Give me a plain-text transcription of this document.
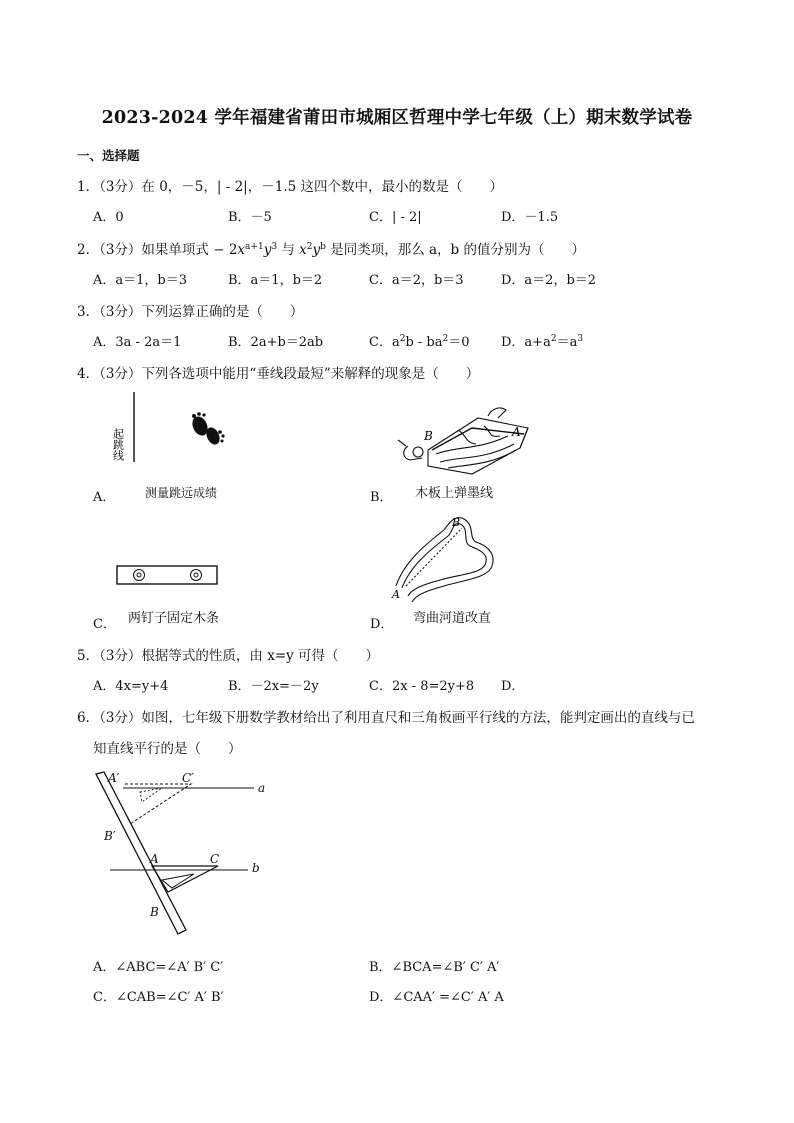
2023-2024 学年福建省莆田市城厢区哲理中学七年级（上）期末数学试卷
一、选择题
1．（3分）在 0，－5，| - 2|，－1.5 这四个数中，最小的数是（　　）
A．0	B．－5	C．| - 2|	D．－1.5
2．（3分）如果单项式 − $2x^{a+1}y^3$ 与 $x^2y^b$ 是同类项，那么 a，b 的值分别为（　　）
A．a＝1，b＝3	B．a＝1，b＝2	C．a＝2，b＝3	D．a＝2，b＝2
3．（3分）下列运算正确的是（　　）
A．3a - 2a＝1	B．2a+b＝2ab	C．$a^2b - ba^2=0$ D．$a+a^2=a^3$
4．（3分）下列各选项中能用“垂线段最短”来解释的现象是（　　）
起跳线
A． 测量跳远成绩
B	A
B． 木板上弹墨线
C． 两钉子固定木条
A
B
D． 弯曲河道改直
5．（3分）根据等式的性质，由 x=y 可得（　　）
A．4x=y+4	B．－2x=－2y	C．2x - 8=2y+8 D．
6．（3分）如图，七年级下册数学教材给出了利用直尺和三角板画平行线的方法，能判定画出的直线与已
知直线平行的是（　　）
A′	C′
a
B′
A	C
b
B
A．∠ABC=∠A′ B′ C′	B．∠BCA=∠B′ C′ A′
C．∠CAB=∠C′ A′ B′	D．∠CAA′ =∠C′ A′ A
